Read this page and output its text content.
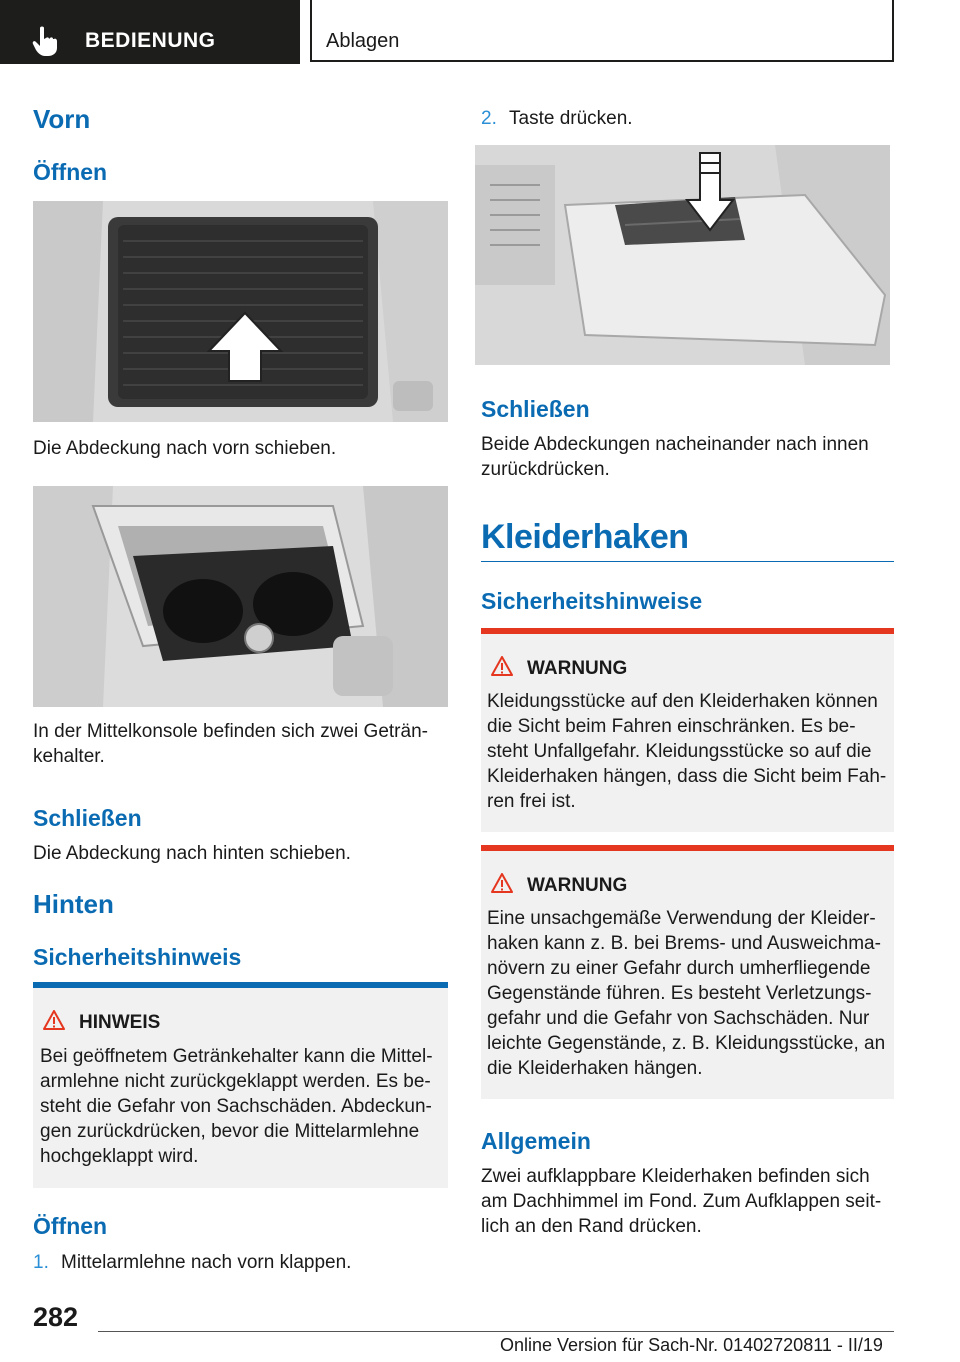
BEDIENUNG	Ablagen
Vorn
Öffnen
Die Abdeckung nach vorn schieben.
In der Mittelkonsole befinden sich zwei Geträn‐
kehalter.
Schließen
Die Abdeckung nach hinten schieben.
Hinten
Sicherheitshinweis
HINWEIS
Bei geöffnetem Getränkehalter kann die Mittel‐
armlehne nicht zurückgeklappt werden. Es be‐
steht die Gefahr von Sachschäden. Abdeckun‐
gen zurückdrücken, bevor die Mittelarmlehne
hochgeklappt wird.
Öffnen
1. Mittelarmlehne nach vorn klappen.
2. Taste drücken.
Schließen
Beide Abdeckungen nacheinander nach innen
zurückdrücken.
Kleiderhaken
Sicherheitshinweise
WARNUNG
Kleidungsstücke auf den Kleiderhaken können
die Sicht beim Fahren einschränken. Es be‐
steht Unfallgefahr. Kleidungsstücke so auf die
Kleiderhaken hängen, dass die Sicht beim Fah‐
ren frei ist.
WARNUNG
Eine unsachgemäße Verwendung der Kleider‐
haken kann z. B. bei Brems‐ und Ausweichma‐
növern zu einer Gefahr durch umherfliegende
Gegenstände führen. Es besteht Verletzungs‐
gefahr und die Gefahr von Sachschäden. Nur
leichte Gegenstände, z. B. Kleidungsstücke, an
die Kleiderhaken hängen.
Allgemein
Zwei aufklappbare Kleiderhaken befinden sich
am Dachhimmel im Fond. Zum Aufklappen seit‐
lich an den Rand drücken.
282
Online Version für Sach-Nr. 01402720811 - II/19
